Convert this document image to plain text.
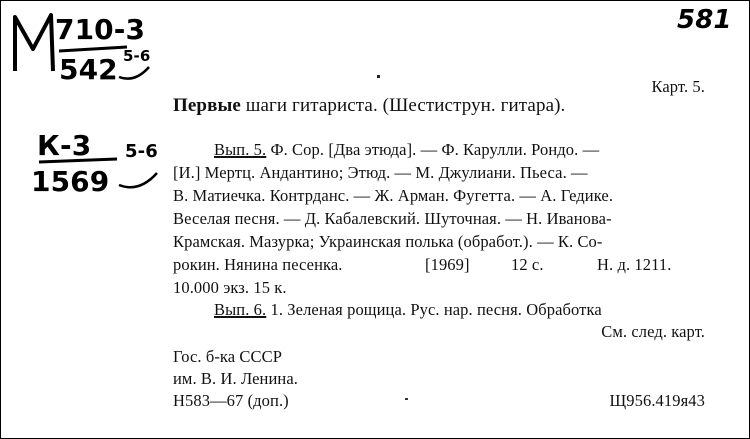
710-3
542 5-6
К-3
1569
5-6
581
Карт. 5.
Первые шаги гитариста. (Шестиструн. гитара).
Вып. 5. Ф. Сор. [Два этюда]. — Ф. Карулли. Рондо. —
[И.] Мертц. Андантино; Этюд. — М. Джулиани. Пьеса. —
В. Матиечка. Контрданс. — Ж. Арман. Фугетта. — А. Гедике.
Веселая песня. — Д. Кабалевский. Шуточная. — Н. Иванова-
Крамская. Мазурка; Украинская полька (обработ.). — К. Со-
рокин. Нянина песенка.	[1969]	12 с.	Н. д. 1211.
10.000 экз. 15 к.
Вып. 6. 1. Зеленая рощица. Рус. нар. песня. Обработка
См. след. карт.
Гос. б-ка СССР
им. В. И. Ленина.
Н583—67 (доп.)	Щ956.419я43
